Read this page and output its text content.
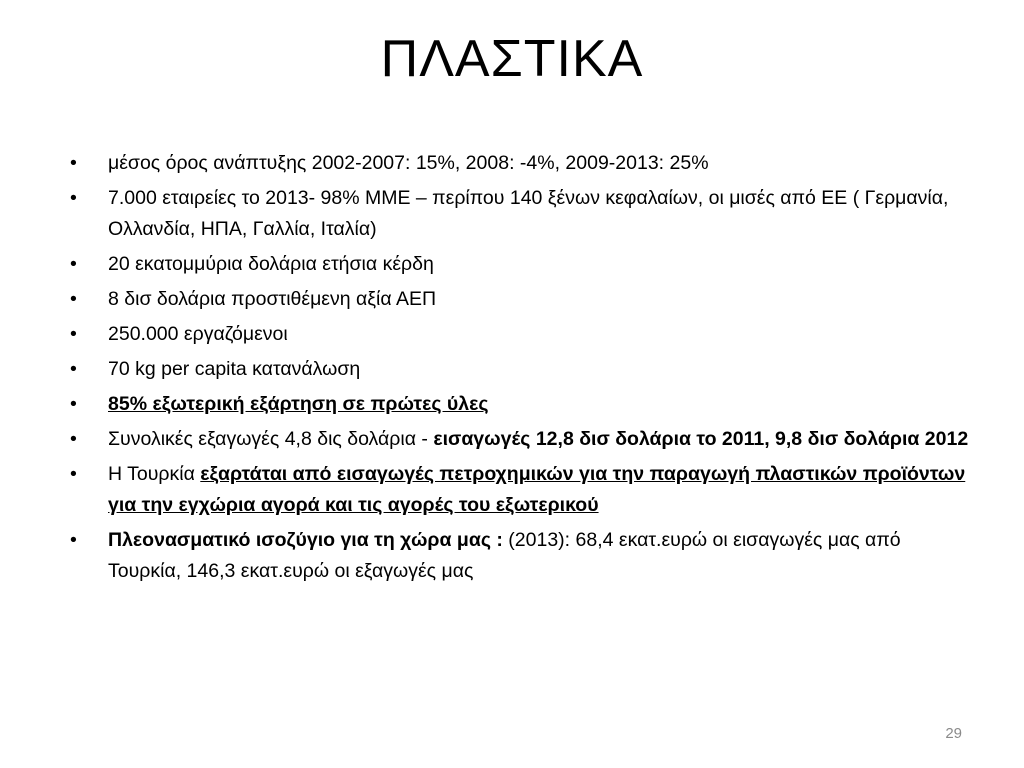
ΠΛΑΣΤΙΚΑ
• μέσος όρος ανάπτυξης 2002-2007: 15%, 2008: -4%, 2009-2013: 25%
• 7.000 εταιρείες το 2013- 98% ΜΜΕ – περίπου 140 ξένων κεφαλαίων, οι μισές από ΕΕ ( Γερμανία, Ολλανδία, ΗΠΑ, Γαλλία, Ιταλία)
• 20 εκατομμύρια δολάρια ετήσια κέρδη
• 8 δισ δολάρια προστιθέμενη αξία ΑΕΠ
• 250.000 εργαζόμενοι
• 70 kg per capita κατανάλωση
• 85% εξωτερική εξάρτηση σε πρώτες ύλες
• Συνολικές εξαγωγές 4,8 δις δολάρια - εισαγωγές 12,8 δισ δολάρια το 2011, 9,8 δισ δολάρια 2012
• Η Τουρκία εξαρτάται από εισαγωγές πετροχημικών για την παραγωγή πλαστικών προϊόντων για την εγχώρια αγορά και τις αγορές του εξωτερικού
• Πλεονασματικό ισοζύγιο για τη χώρα μας : (2013): 68,4 εκατ.ευρώ οι εισαγωγές μας από Τουρκία, 146,3 εκατ.ευρώ οι εξαγωγές μας
29
